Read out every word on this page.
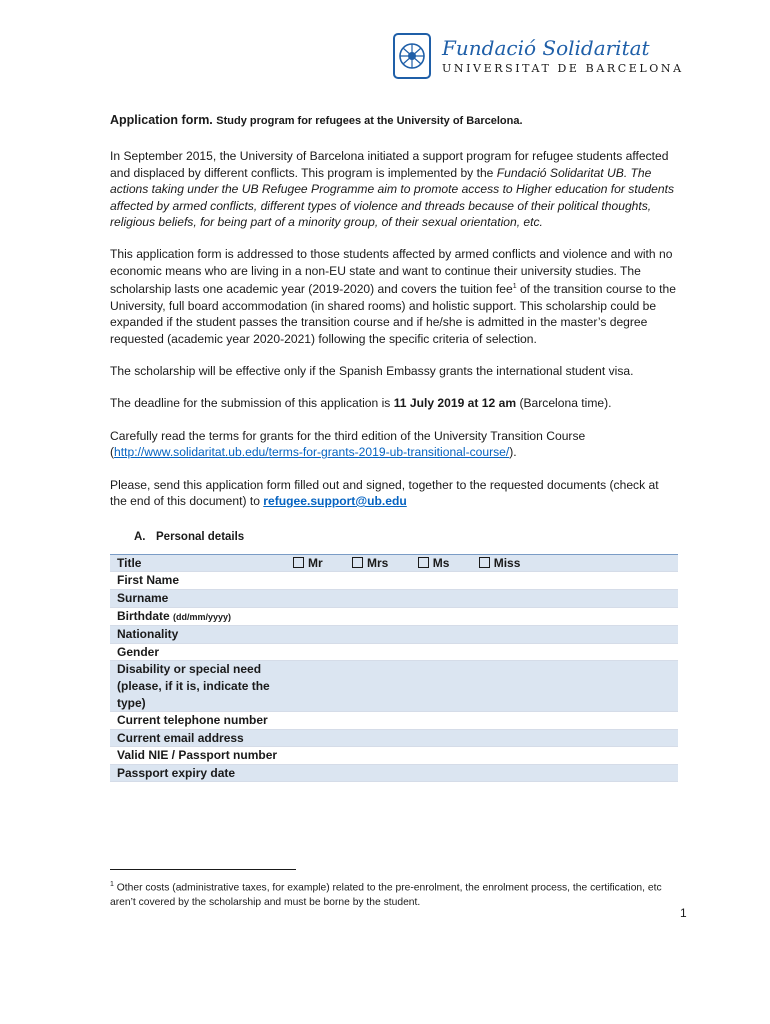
Fundació Solidaritat
UNIVERSITAT DE BARCELONA
Application form. Study program for refugees at the University of Barcelona.

In September 2015, the University of Barcelona initiated a support program for refugee students affected and displaced by different conflicts. This program is implemented by the Fundació Solidaritat UB. The actions taking under the UB Refugee Programme aim to promote access to Higher education for students affected by armed conflicts, different types of violence and threads because of their political thoughts, religious beliefs, for being part of a minority group, of their sexual orientation, etc.

This application form is addressed to those students affected by armed conflicts and violence and with no economic means who are living in a non-EU state and want to continue their university studies. The scholarship lasts one academic year (2019-2020) and covers the tuition fee$^1$ of the transition course to the University, full board accommodation (in shared rooms) and holistic support. This scholarship could be expanded if the student passes the transition course and if he/she is admitted in the master’s degree requested (academic year 2020-2021) following the specific criteria of selection.

The scholarship will be effective only if the Spanish Embassy grants the international student visa.

The deadline for the submission of this application is 11 July 2019 at 12 am (Barcelona time).

Carefully read the terms for grants for the third edition of the University Transition Course (http://www.solidaritat.ub.edu/terms-for-grants-2019-ub-transitional-course/).

Please, send this application form filled out and signed, together to the requested documents (check at the end of this document) to refugee.support@ub.edu

A. Personal details
Title	Mr Mrs Ms Miss
First Name	
Surname	
Birthdate (dd/mm/yyyy)	
Nationality	
Gender	
Disability or special need (please, if it is, indicate the type)	
Current telephone number	
Current email address	
Valid NIE / Passport number	
Passport expiry date	
$^1$ Other costs (administrative taxes, for example) related to the pre-enrolment, the enrolment process, the certification, etc aren’t covered by the scholarship and must be borne by the student.
1
